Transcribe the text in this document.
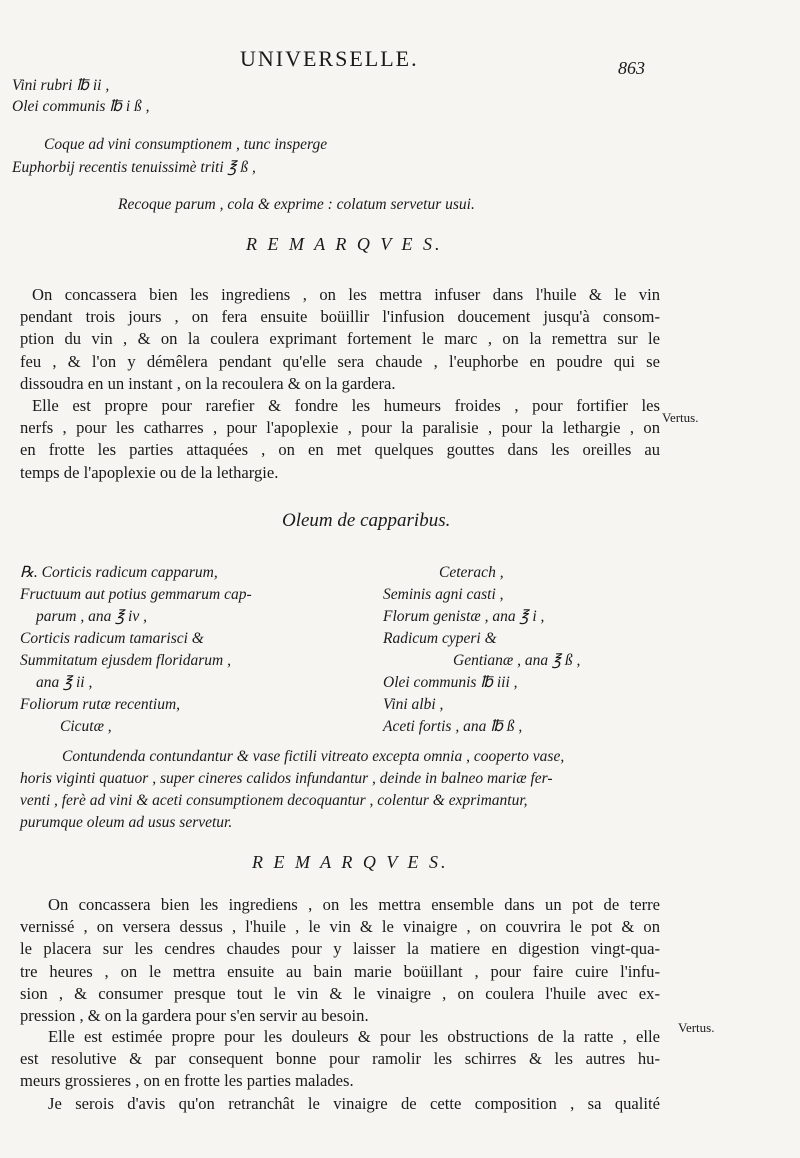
UNIVERSELLE.	863
Vini rubri ℔ ii ,
Olei communis ℔ i ß ,
Coque ad vini consumptionem , tunc insperge
Euphorbij recentis tenuissimè triti ℥ ß ,
Recoque parum , cola & exprime : colatum servetur usui.
R E M A R Q V E S.
On concassera bien les ingrediens , on les mettra infuser dans l'huile & le vin
pendant trois jours , on fera ensuite boüillir l'infusion doucement jusqu'à consom-
ption du vin , & on la coulera exprimant fortement le marc , on la remettra sur le
feu , & l'on y démêlera pendant qu'elle sera chaude , l'euphorbe en poudre qui se
dissoudra en un instant , on la recoulera & on la gardera.
Elle est propre pour rarefier & fondre les humeurs froides , pour fortifier les
nerfs , pour les catharres , pour l'apoplexie , pour la paralisie , pour la lethargie , on
en frotte les parties attaquées , on en met quelques gouttes dans les oreilles au
temps de l'apoplexie ou de la lethargie.
Vertus.
Oleum de capparibus.
℞. Corticis radicum capparum,
Fructuum aut potius gemmarum cap-
parum , ana ℥ iv ,
Corticis radicum tamarisci &
Summitatum ejusdem floridarum ,
ana ℥ ii ,
Foliorum rutæ recentium,
Cicutæ ,
Ceterach ,
Seminis agni casti ,
Florum genistæ , ana ℥ i ,
Radicum cyperi &
Gentianæ , ana ℥ ß ,
Olei communis ℔ iii ,
Vini albi ,
Aceti fortis , ana ℔ ß ,
Contundenda contundantur & vase fictili vitreato excepta omnia , cooperto vase,
horis viginti quatuor , super cineres calidos infundantur , deinde in balneo mariæ fer-
venti , ferè ad vini & aceti consumptionem decoquantur , colentur & exprimantur,
purumque oleum ad usus servetur.
R E M A R Q V E S.
On concassera bien les ingrediens , on les mettra ensemble dans un pot de terre
vernissé , on versera dessus , l'huile , le vin & le vinaigre , on couvrira le pot & on
le placera sur les cendres chaudes pour y laisser la matiere en digestion vingt-qua-
tre heures , on le mettra ensuite au bain marie boüillant , pour faire cuire l'infu-
sion , & consumer presque tout le vin & le vinaigre , on coulera l'huile avec ex-
pression , & on la gardera pour s'en servir au besoin.
Elle est estimée propre pour les douleurs & pour les obstructions de la ratte , elle
est resolutive & par consequent bonne pour ramolir les schirres & les autres hu-
meurs grossieres , on en frotte les parties malades.
Vertus.
Je serois d'avis qu'on retranchât le vinaigre de cette composition , sa qualité
